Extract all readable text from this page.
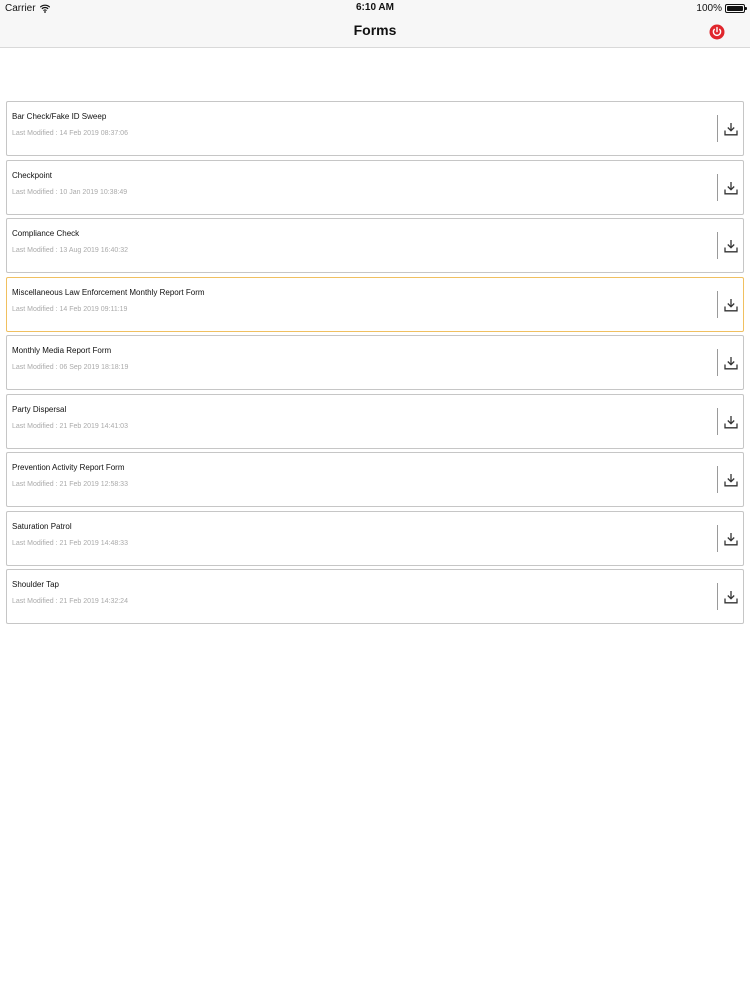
Carrier	6:10 AM	100%
Forms
Bar Check/Fake ID Sweep
Last Modified : 14 Feb 2019 08:37:06
Checkpoint
Last Modified : 10 Jan 2019 10:38:49
Compliance Check
Last Modified : 13 Aug 2019 16:40:32
Miscellaneous Law Enforcement Monthly Report Form
Last Modified : 14 Feb 2019 09:11:19
Monthly Media Report Form
Last Modified : 06 Sep 2019 18:18:19
Party Dispersal
Last Modified : 21 Feb 2019 14:41:03
Prevention Activity Report Form
Last Modified : 21 Feb 2019 12:58:33
Saturation Patrol
Last Modified : 21 Feb 2019 14:48:33
Shoulder Tap
Last Modified : 21 Feb 2019 14:32:24
